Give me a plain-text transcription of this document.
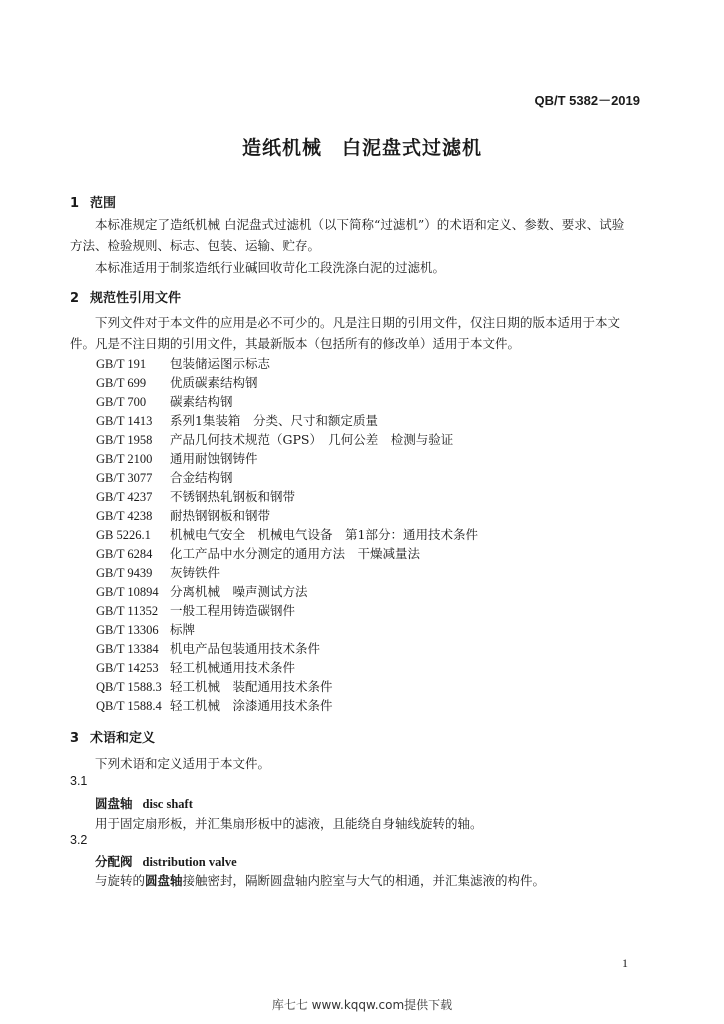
QB/T 5382－2019
造纸机械　白泥盘式过滤机
1 范围
本标准规定了造纸机械 白泥盘式过滤机（以下简称“过滤机”）的术语和定义、参数、要求、试验方法、检验规则、标志、包装、运输、贮存。
本标准适用于制浆造纸行业碱回收苛化工段洗涤白泥的过滤机。
2 规范性引用文件
下列文件对于本文件的应用是必不可少的。凡是注日期的引用文件，仅注日期的版本适用于本文件。凡是不注日期的引用文件，其最新版本（包括所有的修改单）适用于本文件。
GB/T 191 包装储运图示标志
GB/T 699 优质碳素结构钢
GB/T 700 碳素结构钢
GB/T 1413 系列1集装箱　分类、尺寸和额定质量
GB/T 1958 产品几何技术规范（GPS）　几何公差　检测与验证
GB/T 2100 通用耐蚀钢铸件
GB/T 3077 合金结构钢
GB/T 4237 不锈钢热轧钢板和钢带
GB/T 4238 耐热钢钢板和钢带
GB 5226.1 机械电气安全　机械电气设备　第1部分：通用技术条件
GB/T 6284 化工产品中水分测定的通用方法　干燥减量法
GB/T 9439 灰铸铁件
GB/T 10894 分离机械　噪声测试方法
GB/T 11352 一般工程用铸造碳钢件
GB/T 13306 标牌
GB/T 13384 机电产品包装通用技术条件
GB/T 14253 轻工机械通用技术条件
QB/T 1588.3 轻工机械　装配通用技术条件
QB/T 1588.4 轻工机械　涂漆通用技术条件
3 术语和定义
下列术语和定义适用于本文件。
3.1
圆盘轴 disc shaft
用于固定扇形板，并汇集扇形板中的滤液，且能绕自身轴线旋转的轴。
3.2
分配阀 distribution valve
与旋转的圆盘轴接触密封，隔断圆盘轴内腔室与大气的相通，并汇集滤液的构件。
1
库七七 www.kqqw.com提供下载
